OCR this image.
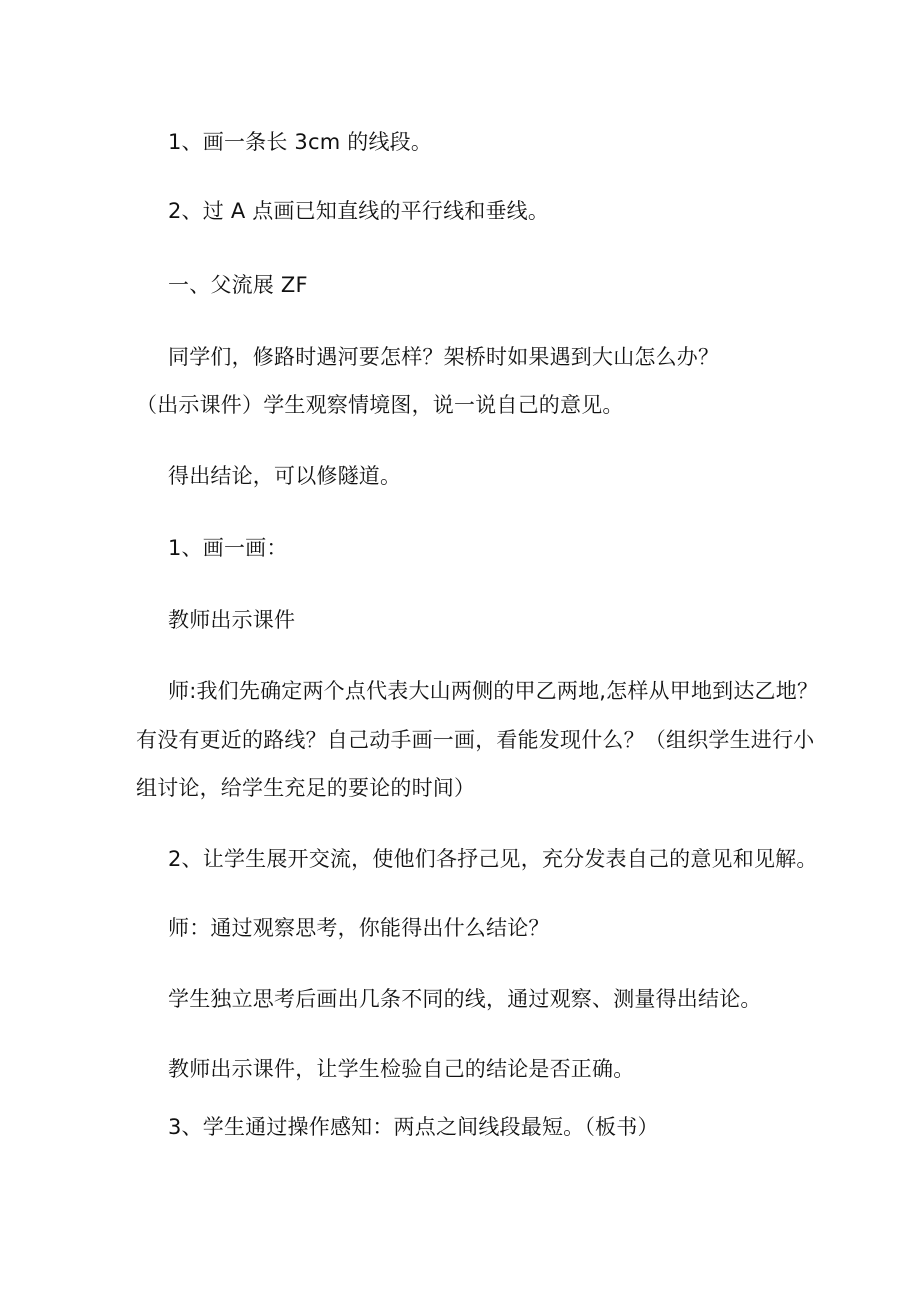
1、画一条长 3cm 的线段。
2、过 A 点画已知直线的平行线和垂线。
一、父流展 ZF
同学们，修路时遇河要怎样？架桥时如果遇到大山怎么办？
（出示课件）学生观察情境图，说一说自己的意见。
得出结论，可以修隧道。
1、画一画：
教师出示课件
师:我们先确定两个点代表大山两侧的甲乙两地,怎样从甲地到达乙地？
有没有更近的路线？自己动手画一画，看能发现什么？（组织学生进行小
组讨论，给学生充足的要论的时间）
2、让学生展开交流，使他们各抒己见，充分发表自己的意见和见解。
师：通过观察思考，你能得出什么结论？
学生独立思考后画出几条不同的线，通过观察、测量得出结论。
教师出示课件，让学生检验自己的结论是否正确。
3、学生通过操作感知：两点之间线段最短。（板书）
